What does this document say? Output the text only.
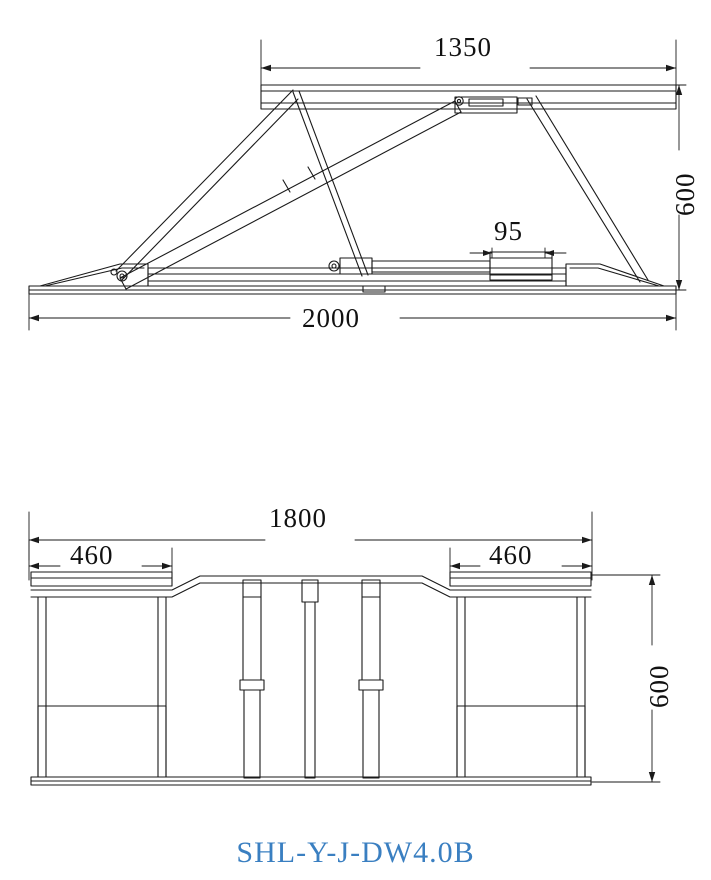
1350
600
95
2000
1800
460	460
600
SHL-Y-J-DW4.0B
